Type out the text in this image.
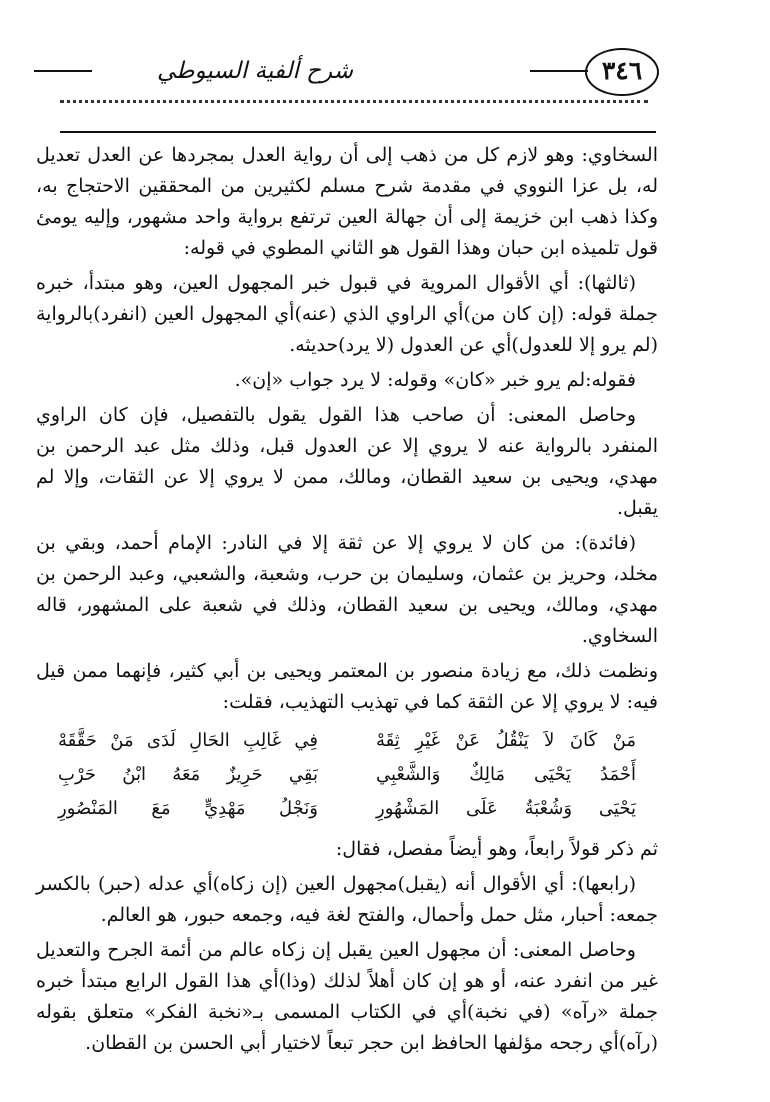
شرح ألفية السيوطي	٣٤٦

السخاوي: وهو لازم كل من ذهب إلى أن رواية العدل بمجردها عن العدل تعديل له، بل عزا النووي في مقدمة شرح مسلم لكثيرين من المحققين الاحتجاج به، وكذا ذهب ابن خزيمة إلى أن جهالة العين ترتفع برواية واحد مشهور، وإليه يومئ قول تلميذه ابن حبان وهذا القول هو الثاني المطوي في قوله:

(ثالثها): أي الأقوال المروية في قبول خبر المجهول العين، وهو مبتدأ، خبره جملة قوله: (إن كان من)أي الراوي الذي (عنه)أي المجهول العين (انفرد)بالرواية (لم يرو إلا للعدول)أي عن العدول (لا يرد)حديثه.

فقوله:لم يرو خبر «كان» وقوله: لا يرد جواب «إن».

وحاصل المعنى: أن صاحب هذا القول يقول بالتفصيل، فإن كان الراوي المنفرد بالرواية عنه لا يروي إلا عن العدول قبل، وذلك مثل عبد الرحمن بن مهدي، ويحيى بن سعيد القطان، ومالك، ممن لا يروي إلا عن الثقات، وإلا لم يقبل.

(فائدة): من كان لا يروي إلا عن ثقة إلا في النادر: الإمام أحمد، وبقي بن مخلد، وحريز بن عثمان، وسليمان بن حرب، وشعبة، والشعبي، وعبد الرحمن بن مهدي، ومالك، ويحيى بن سعيد القطان، وذلك في شعبة على المشهور، قاله السخاوي.

ونظمت ذلك، مع زيادة منصور بن المعتمر ويحيى بن أبي كثير، فإنهما ممن قيل فيه: لا يروي إلا عن الثقة كما في تهذيب التهذيب، فقلت:

مَنْ كَانَ لاَ يَنْقُلُ عَنْ غَيْرِ ثِقَهْ
فِي غَالِبِ الحَالِ لَدَى مَنْ حَقَّقَهْ
أَحْمَدُ يَحْيَى مَالِكٌ وَالشَّعْبِي
بَقِي حَرِيزٌ مَعَهُ ابْنُ حَرْبِ
يَحْيَى وَشُعْبَةُ عَلَى المَشْهُورِ
وَنَجْلُ مَهْدِيٍّ مَعَ المَنْصُورِ

ثم ذكر قولاً رابعاً، وهو أيضاً مفصل، فقال:

(رابعها): أي الأقوال أنه (يقبل)مجهول العين (إن زكاه)أي عدله (حبر) بالكسر جمعه: أحبار، مثل حمل وأحمال، والفتح لغة فيه، وجمعه حبور، هو العالم.

وحاصل المعنى: أن مجهول العين يقبل إن زكاه عالم من أئمة الجرح والتعديل غير من انفرد عنه، أو هو إن كان أهلاً لذلك (وذا)أي هذا القول الرابع مبتدأ خبره جملة «رآه» (في نخبة)أي في الكتاب المسمى بـ«نخبة الفكر» متعلق بقوله (رآه)أي رجحه مؤلفها الحافظ ابن حجر تبعاً لاختيار أبي الحسن بن القطان.
